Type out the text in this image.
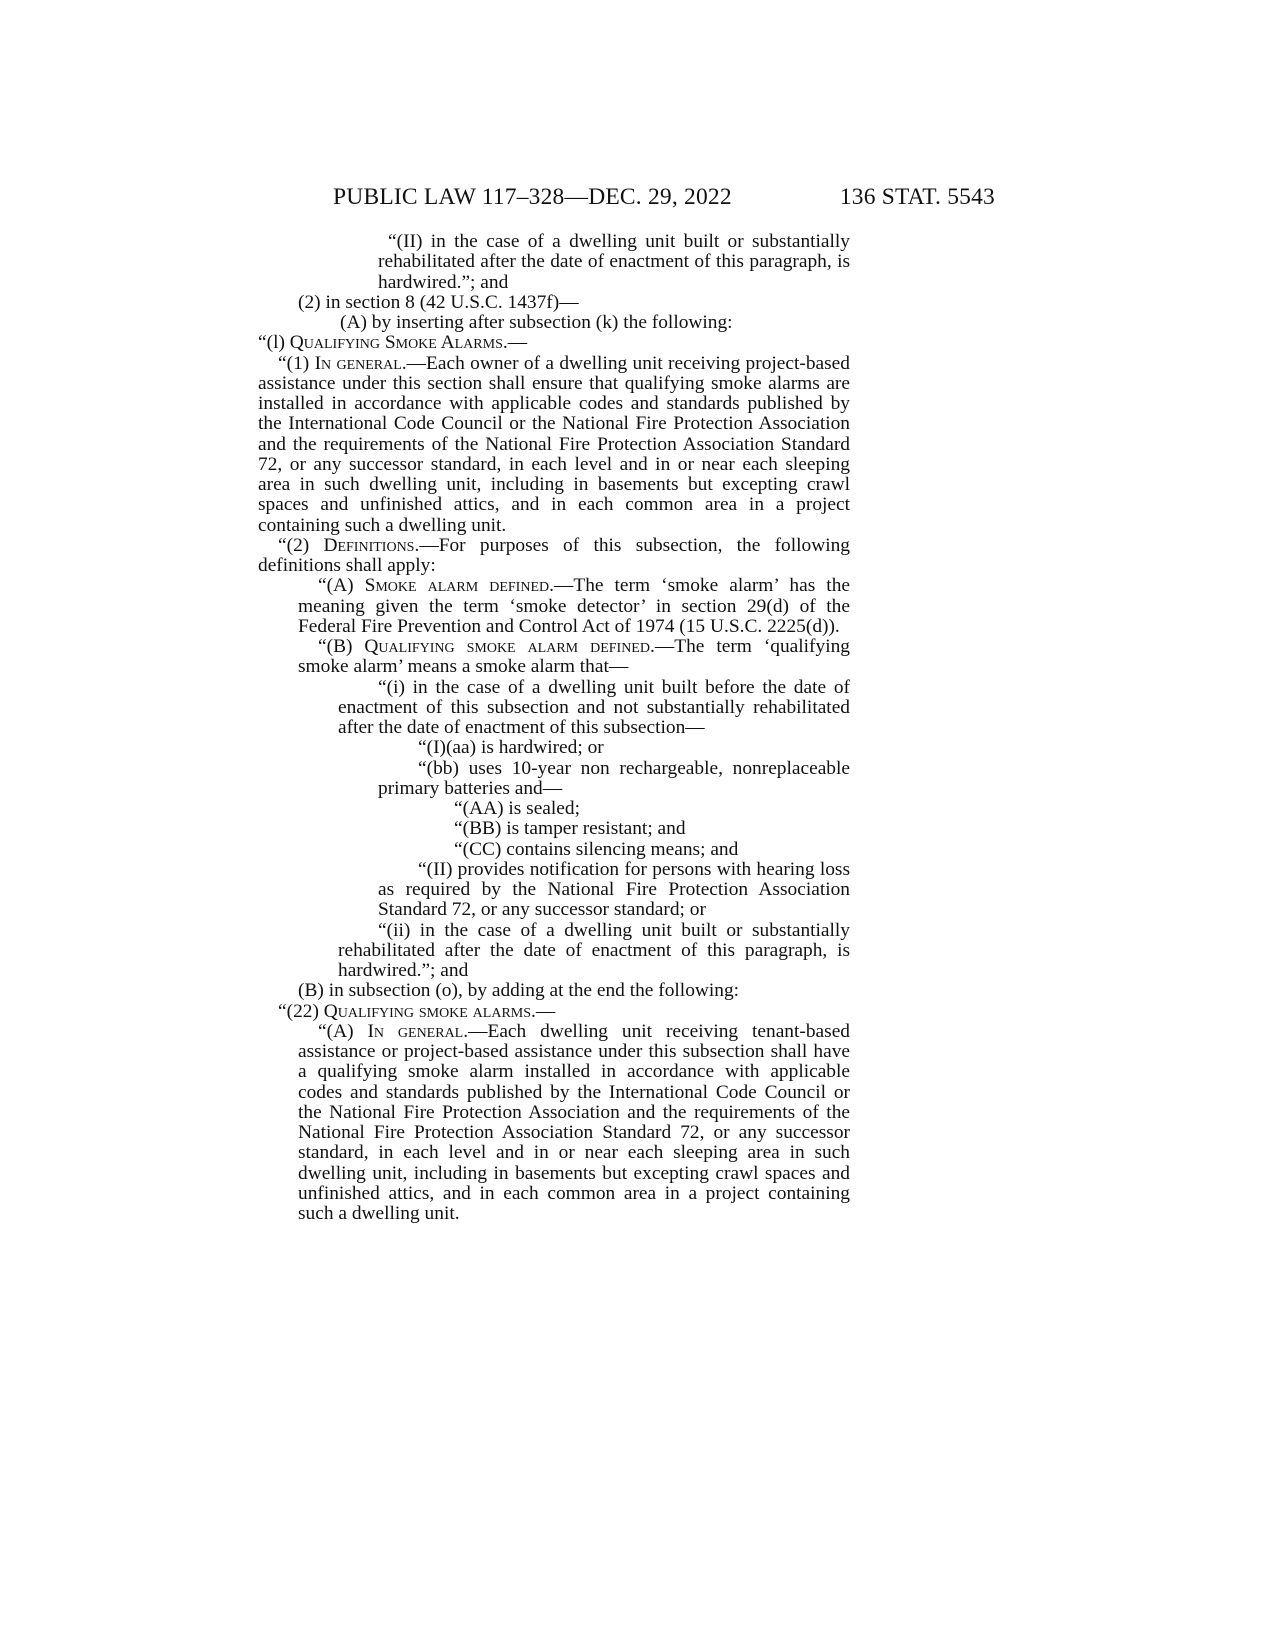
PUBLIC LAW 117–328—DEC. 29, 2022	136 STAT. 5543

“(II) in the case of a dwelling unit built or substantially rehabilitated after the date of enactment of this paragraph, is hardwired.”; and

(2) in section 8 (42 U.S.C. 1437f)—

(A) by inserting after subsection (k) the following:

“(l) Qualifying Smoke Alarms.—

“(1) In general.—Each owner of a dwelling unit receiving project-based assistance under this section shall ensure that qualifying smoke alarms are installed in accordance with applicable codes and standards published by the International Code Council or the National Fire Protection Association and the requirements of the National Fire Protection Association Standard 72, or any successor standard, in each level and in or near each sleeping area in such dwelling unit, including in basements but excepting crawl spaces and unfinished attics, and in each common area in a project containing such a dwelling unit.

“(2) Definitions.—For purposes of this subsection, the following definitions shall apply:

“(A) Smoke alarm defined.—The term ‘smoke alarm’ has the meaning given the term ‘smoke detector’ in section 29(d) of the Federal Fire Prevention and Control Act of 1974 (15 U.S.C. 2225(d)).

“(B) Qualifying smoke alarm defined.—The term ‘qualifying smoke alarm’ means a smoke alarm that—

“(i) in the case of a dwelling unit built before the date of enactment of this subsection and not substantially rehabilitated after the date of enactment of this subsection—

“(I)(aa) is hardwired; or

“(bb) uses 10-year non rechargeable, nonreplaceable primary batteries and—

“(AA) is sealed;

“(BB) is tamper resistant; and

“(CC) contains silencing means; and

“(II) provides notification for persons with hearing loss as required by the National Fire Protection Association Standard 72, or any successor standard; or

“(ii) in the case of a dwelling unit built or substantially rehabilitated after the date of enactment of this paragraph, is hardwired.”; and

(B) in subsection (o), by adding at the end the following:

“(22) Qualifying smoke alarms.—

“(A) In general.—Each dwelling unit receiving tenant-based assistance or project-based assistance under this subsection shall have a qualifying smoke alarm installed in accordance with applicable codes and standards published by the International Code Council or the National Fire Protection Association and the requirements of the National Fire Protection Association Standard 72, or any successor standard, in each level and in or near each sleeping area in such dwelling unit, including in basements but excepting crawl spaces and unfinished attics, and in each common area in a project containing such a dwelling unit.
